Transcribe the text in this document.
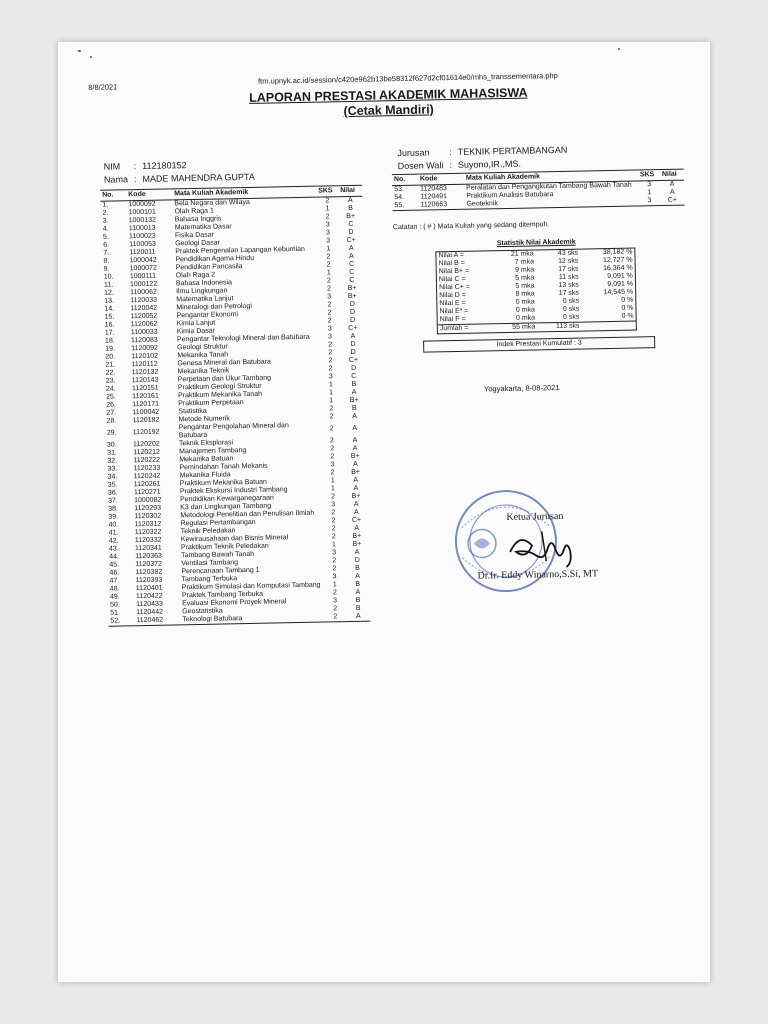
8/8/2021
ftm.upnyk.ac.id/session/c420e962b13be58312f627d2cf01614e0/mhs_transsementara.php
LAPORAN PRESTASI AKADEMIK MAHASISWA
(Cetak Mandiri)
NIM	:	112180152
Nama	:	MADE MAHENDRA GUPTA
Jurusan	:	TEKNIK PERTAMBANGAN
Dosen Wali	:	Suyono,IR.,MS.
No.	Kode	Mata Kuliah Akademik	SKS	Nilai
1.	1000092	Bela Negara dan Wilaya	2	A
2.	1000101	Olah Raga 1	1	B
3.	1000132	Bahasa Inggris	2	B+
4.	1100013	Matematika Dasar	3	C
5.	1100023	Fisika Dasar	3	D
6.	1100053	Geologi Dasar	3	C+
7.	1120011	Praktek Pengenalan Lapangan Kebumian	1	A
8.	1000042	Pendidikan Agama Hindu	2	A
9.	1000072	Pendidikan Pancasila	2	C
10.	1000111	Olah Raga 2	1	C
11.	1000122	Bahasa Indonesia	2	C
12.	1100062	Ilmu Lingkungan	2	B+
13.	1120033	Matematika Lanjut	3	B+
14.	1120042	Mineralogi dan Petrologi	2	D
15.	1120052	Pengantar Ekonomi	2	D
16.	1120062	Kimia Lanjut	2	D
17.	1100033	Kimia Dasar	3	C+
18.	1120083	Pengantar Teknologi Mineral dan Batubara	3	A
19.	1120092	Geologi Struktur	2	D
20.	1120102	Mekanika Tanah	2	D
21.	1120112	Genesa Mineral dan Batubara	2	C+
22.	1120132	Mekanika Teknik	2	D
23.	1120143	Perpetaan dan Ukur Tambang	3	C
24.	1120151	Praktikum Geologi Struktur	1	B
25.	1120161	Praktikum Mekanika Tanah	1	A
26.	1120171	Praktikum Perpetaan	1	B+
27.	1100042	Statistika	2	B
28.	1120182	Metode Numerik	2	A
29.	1120192	Pengantar Pengolahan Mineral dan Batubara	2	A
30.	1120202	Teknik Eksplorasi	2	A
31.	1120212	Manajemen Tambang	2	A
32.	1120222	Mekanika Batuan	2	B+
33.	1120233	Pemindahan Tanah Mekanis	3	A
34.	1120242	Mekanika Fluida	2	B+
35.	1120261	Praktikum Mekanika Batuan	1	A
36.	1120271	Praktek Ekskursi Industri Tambang	1	A
37.	1000082	Pendidikan Kewarganegaraan	2	B+
38.	1120293	K3 dan Lingkungan Tambang	3	A
39.	1120302	Metodologi Penelitian dan Penulisan Ilmiah	2	A
40.	1120312	Regulasi Pertambangan	2	C+
41.	1120322	Teknik Peledakan	2	A
42.	1120332	Kewirausahaan dan Bisnis Mineral	2	B+
43.	1120341	Praktikum Teknik Peledakan	1	B+
44.	1120363	Tambang Bawah Tanah	3	A
45.	1120372	Ventilasi Tambang	2	D
46.	1120382	Perencanaan Tambang 1	2	B
47.	1120393	Tambang Terbuka	3	A
48.	1120401	Praktikum Simulasi dan Komputasi Tambang	1	B
49.	1120422	Praktek Tambang Terbuka	2	A
50.	1120433	Evaluasi Ekonomi Proyek Mineral	3	B
51.	1120442	Geostatistika	2	B
52.	1120462	Teknologi Batubara	2	A
No.	Kode	Mata Kuliah Akademik	SKS	Nilai
53.	1120483	Peralatan dan Pengangkutan Tambang Bawah Tanah	3	A
54.	1120491	Praktikum Analisis Batubara	1	A
55.	1120663	Geoteknik	3	C+
Catatan : ( # ) Mata Kuliah yang sedang ditempuh.
Statistik Nilai Akademik
Nilai A =	21 mka	43 sks	38,182 %
Nilai B =	7 mka	12 sks	12,727 %
Nilai B+ =	9 mka	17 sks	16,364 %
Nilai C =	5 mka	11 sks	9,091 %
Nilai C+ =	5 mka	13 sks	9,091 %
Nilai D =	8 mka	17 sks	14,545 %
Nilai E =	0 mka	0 sks	0 %
Nilai E* =	0 mka	0 sks	0 %
Nilai F =	0 mka	0 sks	0 %
Jumlah =	55 mka	113 sks	
Indek Prestasi Kumulatif : 3
Yogyakarta, 8-08-2021
Ketua Jurusan
Dr.Ir. Eddy Winarno,S.Si, MT
